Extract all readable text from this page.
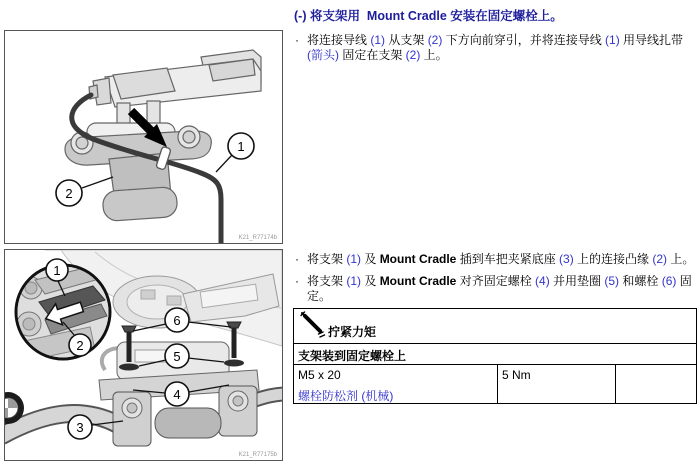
1
2
K21_R77174b
1
2
6
5
4
3
K21_R77175b
(-) 将支架用  Mount Cradle 安装在固定螺栓上。
· 将连接导线 (1) 从支架 (2) 下方向前穿引，并将连接导线 (1) 用导线扎带(箭头) 固定在支架 (2) 上。
· 将支架 (1) 及 Mount Cradle 插到车把夹紧底座 (3) 上的连接凸缘 (2) 上。
· 将支架 (1) 及 Mount Cradle 对齐固定螺栓 (4) 并用垫圈 (5) 和螺栓 (6) 固定。
拧紧力矩
支架装到固定螺栓上
M5 x 20
螺栓防松剂 (机械)
5 Nm
